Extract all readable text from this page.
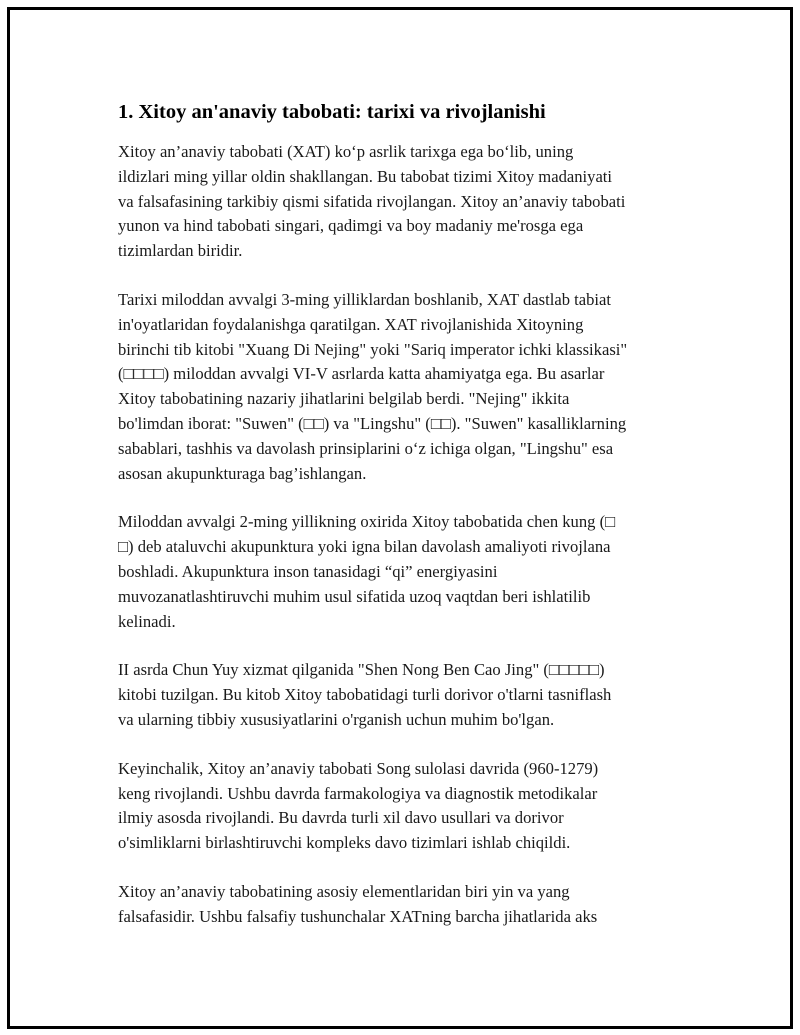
1. Xitoy an'anaviy tabobati: tarixi va rivojlanishi

Xitoy an’anaviy tabobati (XAT) ko‘p asrlik tarixga ega bo‘lib, uning
ildizlari ming yillar oldin shakllangan. Bu tabobat tizimi Xitoy madaniyati
va falsafasining tarkibiy qismi sifatida rivojlangan. Xitoy an’anaviy tabobati
yunon va hind tabobati singari, qadimgi va boy madaniy me'rosga ega
tizimlardan biridir.

Tarixi miloddan avvalgi 3-ming yilliklardan boshlanib, XAT dastlab tabiat
in'oyatlaridan foydalanishga qaratilgan. XAT rivojlanishida Xitoyning
birinchi tib kitobi "Xuang Di Nejing" yoki "Sariq imperator ichki klassikasi"
(□□□□) miloddan avvalgi VI-V asrlarda katta ahamiyatga ega. Bu asarlar
Xitoy tabobatining nazariy jihatlarini belgilab berdi. "Nejing" ikkita
bo'limdan iborat: "Suwen" (□□) va "Lingshu" (□□). "Suwen" kasalliklarning
sabablari, tashhis va davolash prinsiplarini o‘z ichiga olgan, "Lingshu" esa
asosan akupunkturaga bag’ishlangan.

Miloddan avvalgi 2-ming yillikning oxirida Xitoy tabobatida chen kung (□
□) deb ataluvchi akupunktura yoki igna bilan davolash amaliyoti rivojlana
boshladi. Akupunktura inson tanasidagi “qi” energiyasini
muvozanatlashtiruvchi muhim usul sifatida uzoq vaqtdan beri ishlatilib
kelinadi.

II asrda Chun Yuy xizmat qilganida "Shen Nong Ben Cao Jing" (□□□□□)
kitobi tuzilgan. Bu kitob Xitoy tabobatidagi turli dorivor o'tlarni tasniflash
va ularning tibbiy xususiyatlarini o'rganish uchun muhim bo'lgan.

Keyinchalik, Xitoy an’anaviy tabobati Song sulolasi davrida (960-1279)
keng rivojlandi. Ushbu davrda farmakologiya va diagnostik metodikalar
ilmiy asosda rivojlandi. Bu davrda turli xil davo usullari va dorivor
o'simliklarni birlashtiruvchi kompleks davo tizimlari ishlab chiqildi.

Xitoy an’anaviy tabobatining asosiy elementlaridan biri yin va yang
falsafasidir. Ushbu falsafiy tushunchalar XATning barcha jihatlarida aks
